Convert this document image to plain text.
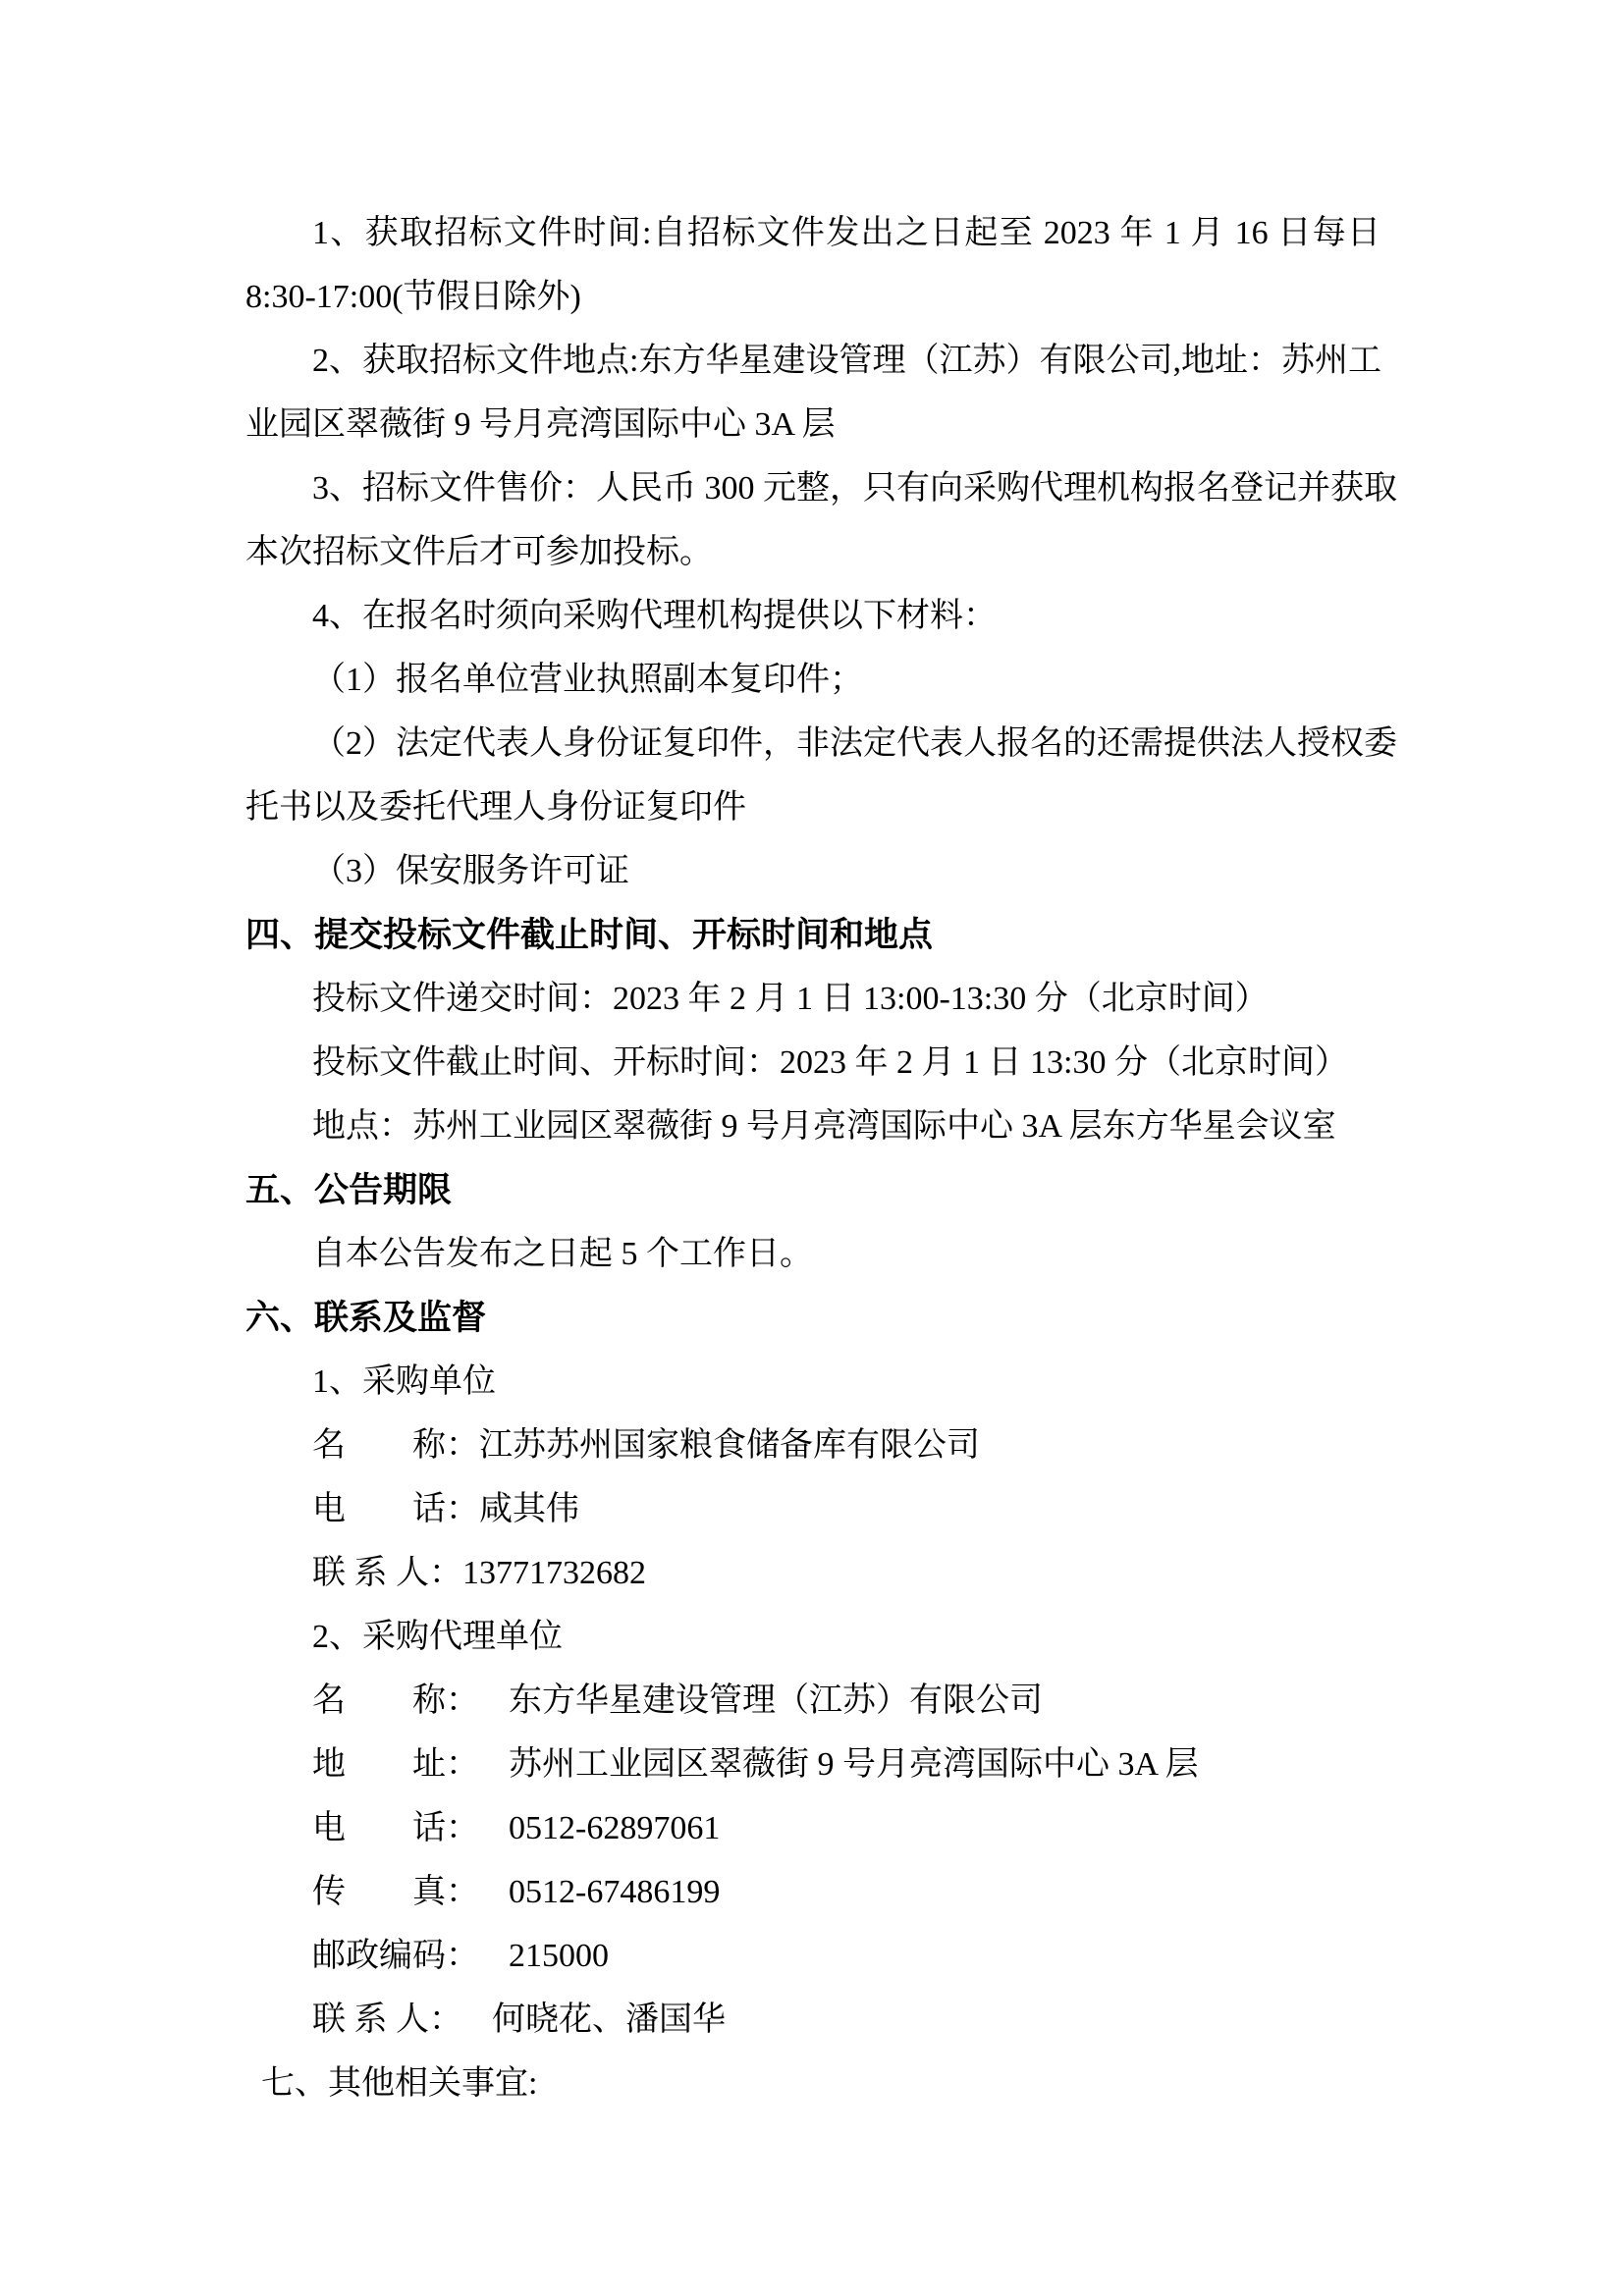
1、获取招标文件时间:自招标文件发出之日起至 2023 年 1 月 16 日每日
8:30-17:00(节假日除外)
2、获取招标文件地点:东方华星建设管理（江苏）有限公司,地址：苏州工
业园区翠薇街 9 号月亮湾国际中心 3A 层
3、招标文件售价：人民币 300 元整，只有向采购代理机构报名登记并获取
本次招标文件后才可参加投标。
4、在报名时须向采购代理机构提供以下材料：
（1）报名单位营业执照副本复印件；
（2）法定代表人身份证复印件，非法定代表人报名的还需提供法人授权委
托书以及委托代理人身份证复印件
（3）保安服务许可证
四、提交投标文件截止时间、开标时间和地点
投标文件递交时间：2023 年 2 月 1 日 13:00-13:30 分（北京时间）
投标文件截止时间、开标时间：2023 年 2 月 1 日 13:30 分（北京时间）
地点：苏州工业园区翠薇街 9 号月亮湾国际中心 3A 层东方华星会议室
五、公告期限
自本公告发布之日起 5 个工作日。
六、联系及监督
1、采购单位
名　　称：江苏苏州国家粮食储备库有限公司
电　　话：咸其伟
联 系 人：13771732682
2、采购代理单位
名　　称： 东方华星建设管理（江苏）有限公司
地　　址： 苏州工业园区翠薇街 9 号月亮湾国际中心 3A 层
电　　话： 0512-62897061
传　　真： 0512-67486199
邮政编码： 215000
联 系 人： 何晓花、潘国华
七、其他相关事宜:
